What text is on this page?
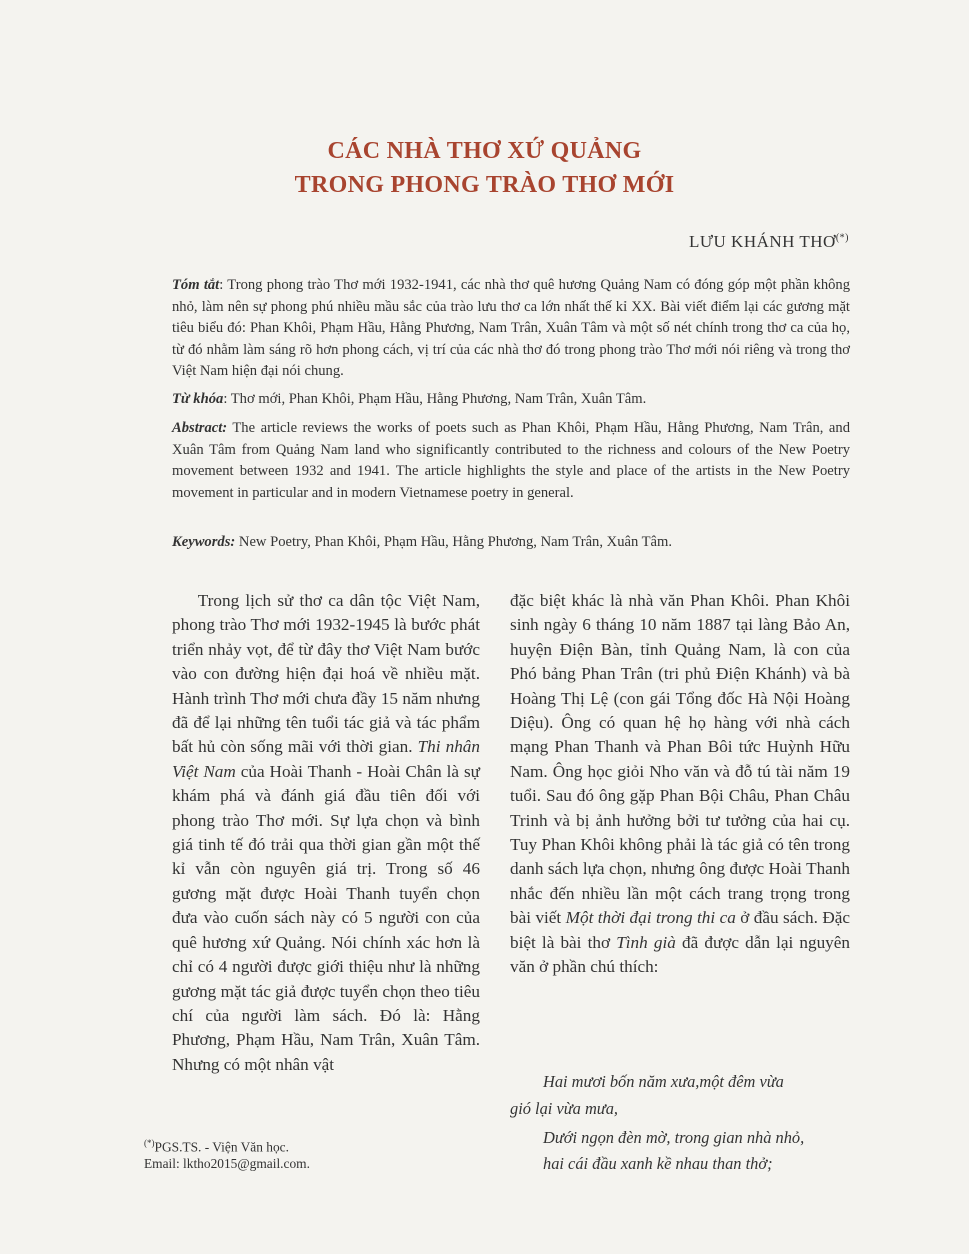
CÁC NHÀ THƠ XỨ QUẢNG
TRONG PHONG TRÀO THƠ MỚI
LƯU KHÁNH THƠ(*)
Tóm tắt: Trong phong trào Thơ mới 1932-1941, các nhà thơ quê hương Quảng Nam có đóng góp một phần không nhỏ, làm nên sự phong phú nhiều mầu sắc của trào lưu thơ ca lớn nhất thế kỉ XX. Bài viết điểm lại các gương mặt tiêu biểu đó: Phan Khôi, Phạm Hầu, Hằng Phương, Nam Trân, Xuân Tâm và một số nét chính trong thơ ca của họ, từ đó nhằm làm sáng rõ hơn phong cách, vị trí của các nhà thơ đó trong phong trào Thơ mới nói riêng và trong thơ Việt Nam hiện đại nói chung.
Từ khóa: Thơ mới, Phan Khôi, Phạm Hầu, Hằng Phương, Nam Trân, Xuân Tâm.
Abstract: The article reviews the works of poets such as Phan Khôi, Phạm Hầu, Hằng Phương, Nam Trân, and Xuân Tâm from Quảng Nam land who significantly contributed to the richness and colours of the New Poetry movement between 1932 and 1941. The article highlights the style and place of the artists in the New Poetry movement in particular and in modern Vietnamese poetry in general.
Keywords: New Poetry, Phan Khôi, Phạm Hầu, Hằng Phương, Nam Trân, Xuân Tâm.

  Trong lịch sử thơ ca dân tộc Việt Nam, phong trào Thơ mới 1932-1945 là bước phát triển nhảy vọt, để từ đây thơ Việt Nam bước vào con đường hiện đại hoá về nhiều mặt. Hành trình Thơ mới chưa đầy 15 năm nhưng đã để lại những tên tuổi tác giả và tác phẩm bất hủ còn sống mãi với thời gian. Thi nhân Việt Nam của Hoài Thanh - Hoài Chân là sự khám phá và đánh giá đầu tiên đối với phong trào Thơ mới. Sự lựa chọn và bình giá tinh tế đó trải qua thời gian gần một thế kỉ vẫn còn nguyên giá trị. Trong số 46 gương mặt được Hoài Thanh tuyển chọn đưa vào cuốn sách này có 5 người con của quê hương xứ Quảng. Nói chính xác hơn là chỉ có 4 người được giới thiệu như là những gương mặt tác giả được tuyển chọn theo tiêu chí của người làm sách. Đó là: Hằng Phương, Phạm Hầu, Nam Trân, Xuân Tâm. Nhưng có một nhân vật

đặc biệt khác là nhà văn Phan Khôi. Phan Khôi sinh ngày 6 tháng 10 năm 1887 tại làng Bảo An, huyện Điện Bàn, tỉnh Quảng Nam, là con của Phó bảng Phan Trân (tri phủ Điện Khánh) và bà Hoàng Thị Lệ (con gái Tổng đốc Hà Nội Hoàng Diệu). Ông có quan hệ họ hàng với nhà cách mạng Phan Thanh và Phan Bôi tức Huỳnh Hữu Nam. Ông học giỏi Nho văn và đỗ tú tài năm 19 tuổi. Sau đó ông gặp Phan Bội Châu, Phan Châu Trinh và bị ảnh hưởng bởi tư tưởng của hai cụ. Tuy Phan Khôi không phải là tác giả có tên trong danh sách lựa chọn, nhưng ông được Hoài Thanh nhắc đến nhiều lần một cách trang trọng trong bài viết Một thời đại trong thi ca ở đầu sách. Đặc biệt là bài thơ Tình già đã được dẫn lại nguyên văn ở phần chú thích:

Hai mươi bốn năm xưa,một đêm vừa
gió lại vừa mưa,
Dưới ngọn đèn mờ, trong gian nhà nhỏ,
hai cái đầu xanh kề nhau than thở;
(*)PGS.TS. - Viện Văn học.
Email: lktho2015@gmail.com.
